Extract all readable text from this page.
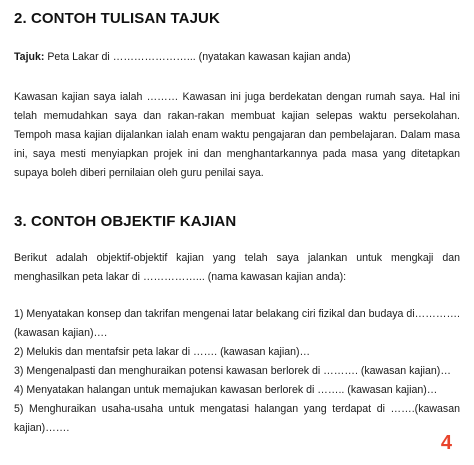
2. CONTOH TULISAN TAJUK
Tajuk: Peta Lakar di …………………... (nyatakan kawasan kajian anda)

Kawasan kajian saya ialah ……… Kawasan ini juga berdekatan dengan rumah saya. Hal ini telah memudahkan saya dan rakan-rakan membuat kajian selepas waktu persekolahan. Tempoh masa kajian dijalankan ialah enam waktu pengajaran dan pembelajaran. Dalam masa ini, saya mesti menyiapkan projek ini dan menghantarkannya pada masa yang ditetapkan supaya boleh diberi pernilaian oleh guru penilai saya.

3. CONTOH OBJEKTIF KAJIAN

Berikut adalah objektif-objektif kajian yang telah saya jalankan untuk mengkaji dan menghasilkan peta lakar di ……………... (nama kawasan kajian anda):

1) Menyatakan konsep dan takrifan mengenai latar belakang ciri fizikal dan budaya di………….(kawasan kajian)….

2) Melukis dan mentafsir peta lakar di ……. (kawasan kajian)…

3) Mengenalpasti dan menghuraikan potensi kawasan berlorek di ………. (kawasan kajian)…

4) Menyatakan halangan untuk memajukan kawasan berlorek di …….. (kawasan kajian)…

5) Menghuraikan usaha-usaha untuk mengatasi halangan yang terdapat di …….(kawasan kajian)…….

4
